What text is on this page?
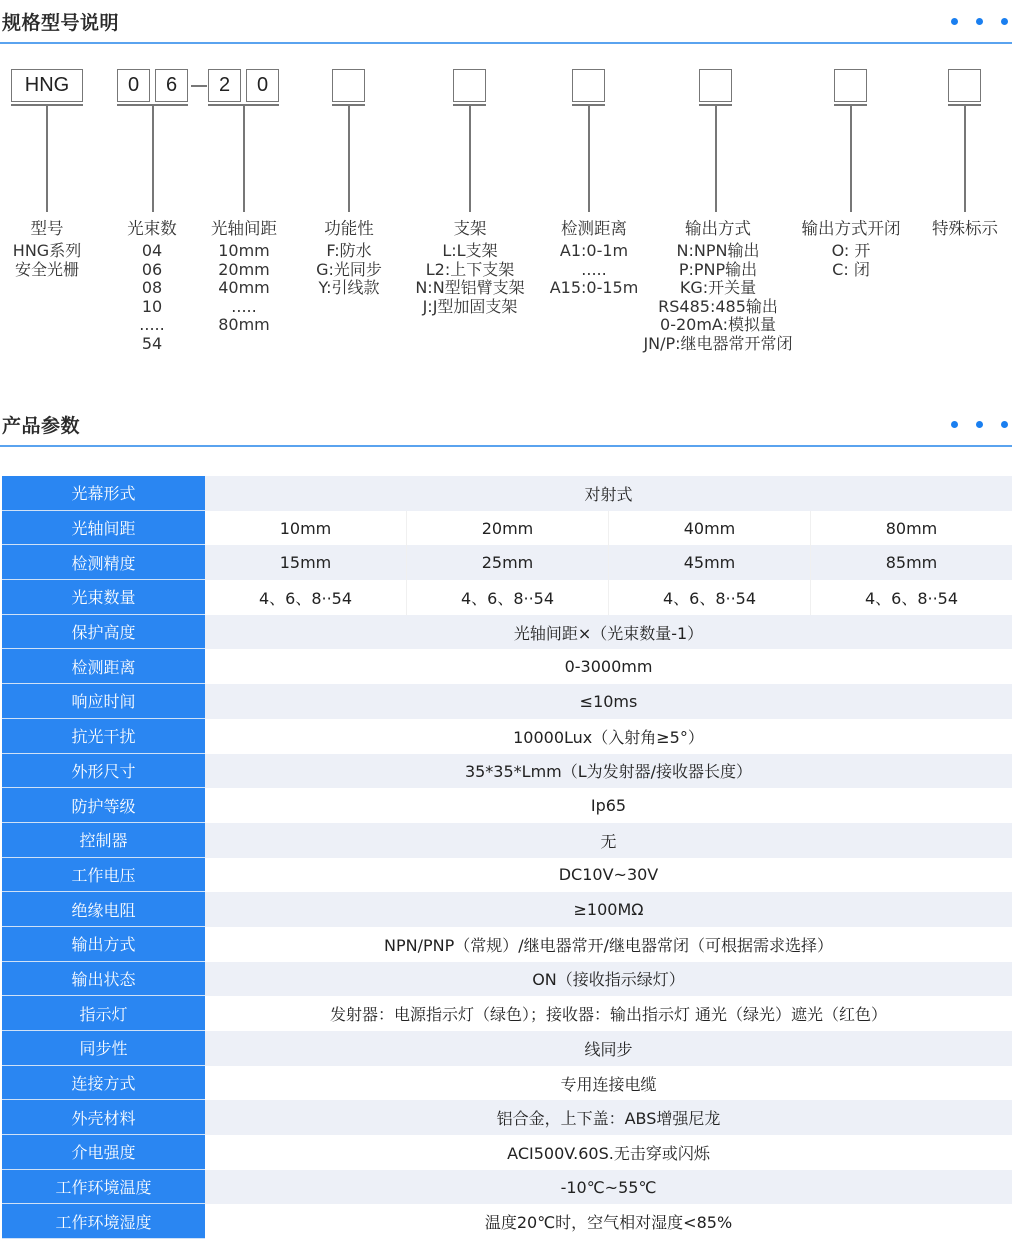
规格型号说明
HNG	0	6	2	0
型号
HNG系列
安全光栅
光束数
04
06
08
10
.....
54
光轴间距
10mm
20mm
40mm
.....
80mm
功能性
F:防水
G:光同步
Y:引线款
支架
L:L支架
L2:上下支架
N:N型铝臂支架
J:J型加固支架
检测距离
A1:0-1m
.....
A15:0-15m
输出方式
N:NPN输出
P:PNP输出
KG:开关量
RS485:485输出
0-20mA:模拟量
JN/P:继电器常开常闭
输出方式开闭
O: 开
C: 闭
特殊标示
产品参数
光幕形式	对射式
光轴间距	10mm	20mm	40mm	80mm
检测精度	15mm	25mm	45mm	85mm
光束数量	4、6、8··54	4、6、8··54	4、6、8··54	4、6、8··54
保护高度	光轴间距×（光束数量-1）
检测距离	0-3000mm
响应时间	≤10ms
抗光干扰	10000Lux（入射角≥5°）
外形尺寸	35*35*Lmm（L为发射器/接收器长度）
防护等级	Ip65
控制器	无
工作电压	DC10V~30V
绝缘电阻	≥100MΩ
输出方式	NPN/PNP（常规）/继电器常开/继电器常闭（可根据需求选择）
输出状态	ON（接收指示绿灯）
指示灯	发射器：电源指示灯（绿色）；接收器：输出指示灯 通光（绿光）遮光（红色）
同步性	线同步
连接方式	专用连接电缆
外壳材料	铝合金，上下盖：ABS增强尼龙
介电强度	ACI500V.60S.无击穿或闪烁
工作环境温度	-10℃~55℃
工作环境湿度	温度20℃时，空气相对湿度<85%
